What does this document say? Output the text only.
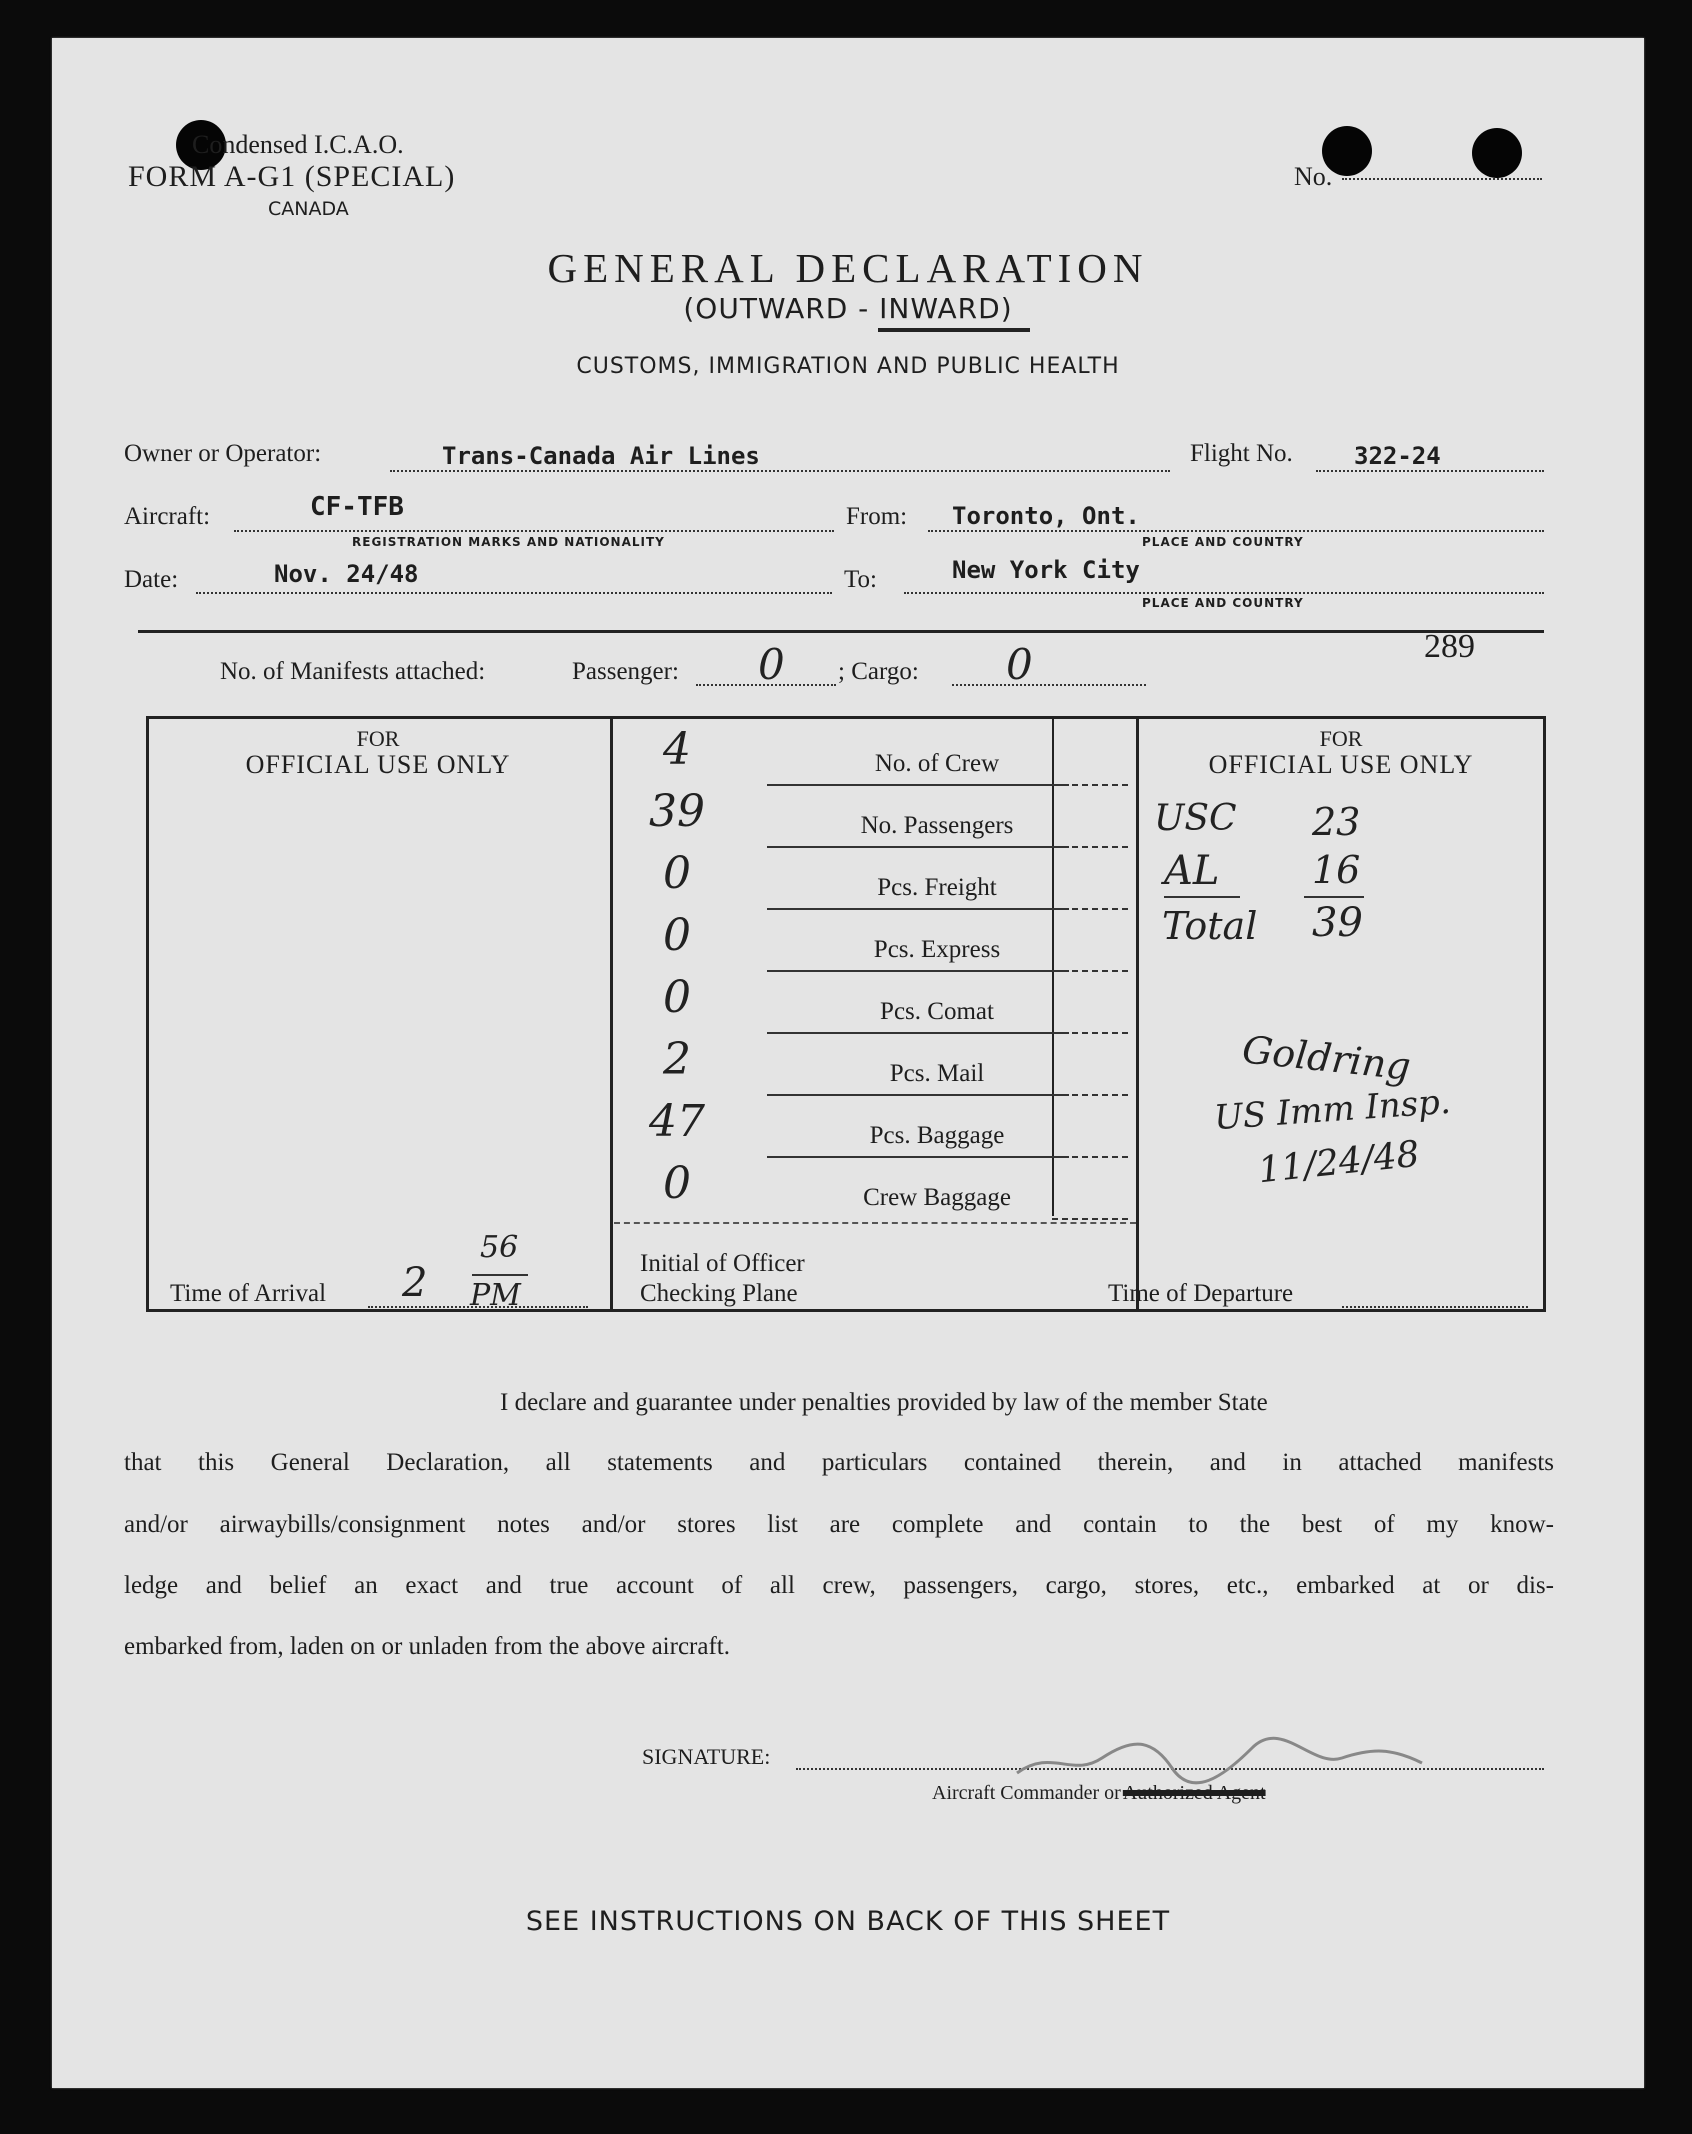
Condensed I.C.A.O.
FORM A-G1 (SPECIAL)
CANADA
No.
GENERAL DECLARATION
(OUTWARD - INWARD)
CUSTOMS, IMMIGRATION AND PUBLIC HEALTH
Owner or Operator:	Trans-Canada Air Lines	Flight No.	322-24
Aircraft:	CF-TFB
REGISTRATION MARKS AND NATIONALITY
From: Toronto, Ont.
PLACE AND COUNTRY
Date:	Nov. 24/48	To:	New York City
PLACE AND COUNTRY
289
No. of Manifests attached:	Passenger: 0 ; Cargo: 0
FOR
OFFICIAL USE ONLY
FOR
OFFICIAL USE ONLY
4	No. of Crew
39	No. Passengers
0	Pcs. Freight
0	Pcs. Express
0	Pcs. Comat
2	Pcs. Mail
47	Pcs. Baggage
0	Crew Baggage
Initial of Officer
Checking Plane
Time of Arrival 2
56
PM	Time of Departure
USC 23
AL 16
Total 39
Goldring
US Imm Insp.
11/24/48
I declare and guarantee under penalties provided by law of the member State
that this General Declaration, all statements and particulars contained therein, and in attached manifests
and/or airwaybills/consignment notes and/or stores list are complete and contain to the best of my know-
ledge and belief an exact and true account of all crew, passengers, cargo, stores, etc., embarked at or dis-
embarked from, laden on or unladen from the above aircraft.
SIGNATURE:
Aircraft Commander or Authorized Agent
SEE INSTRUCTIONS ON BACK OF THIS SHEET
